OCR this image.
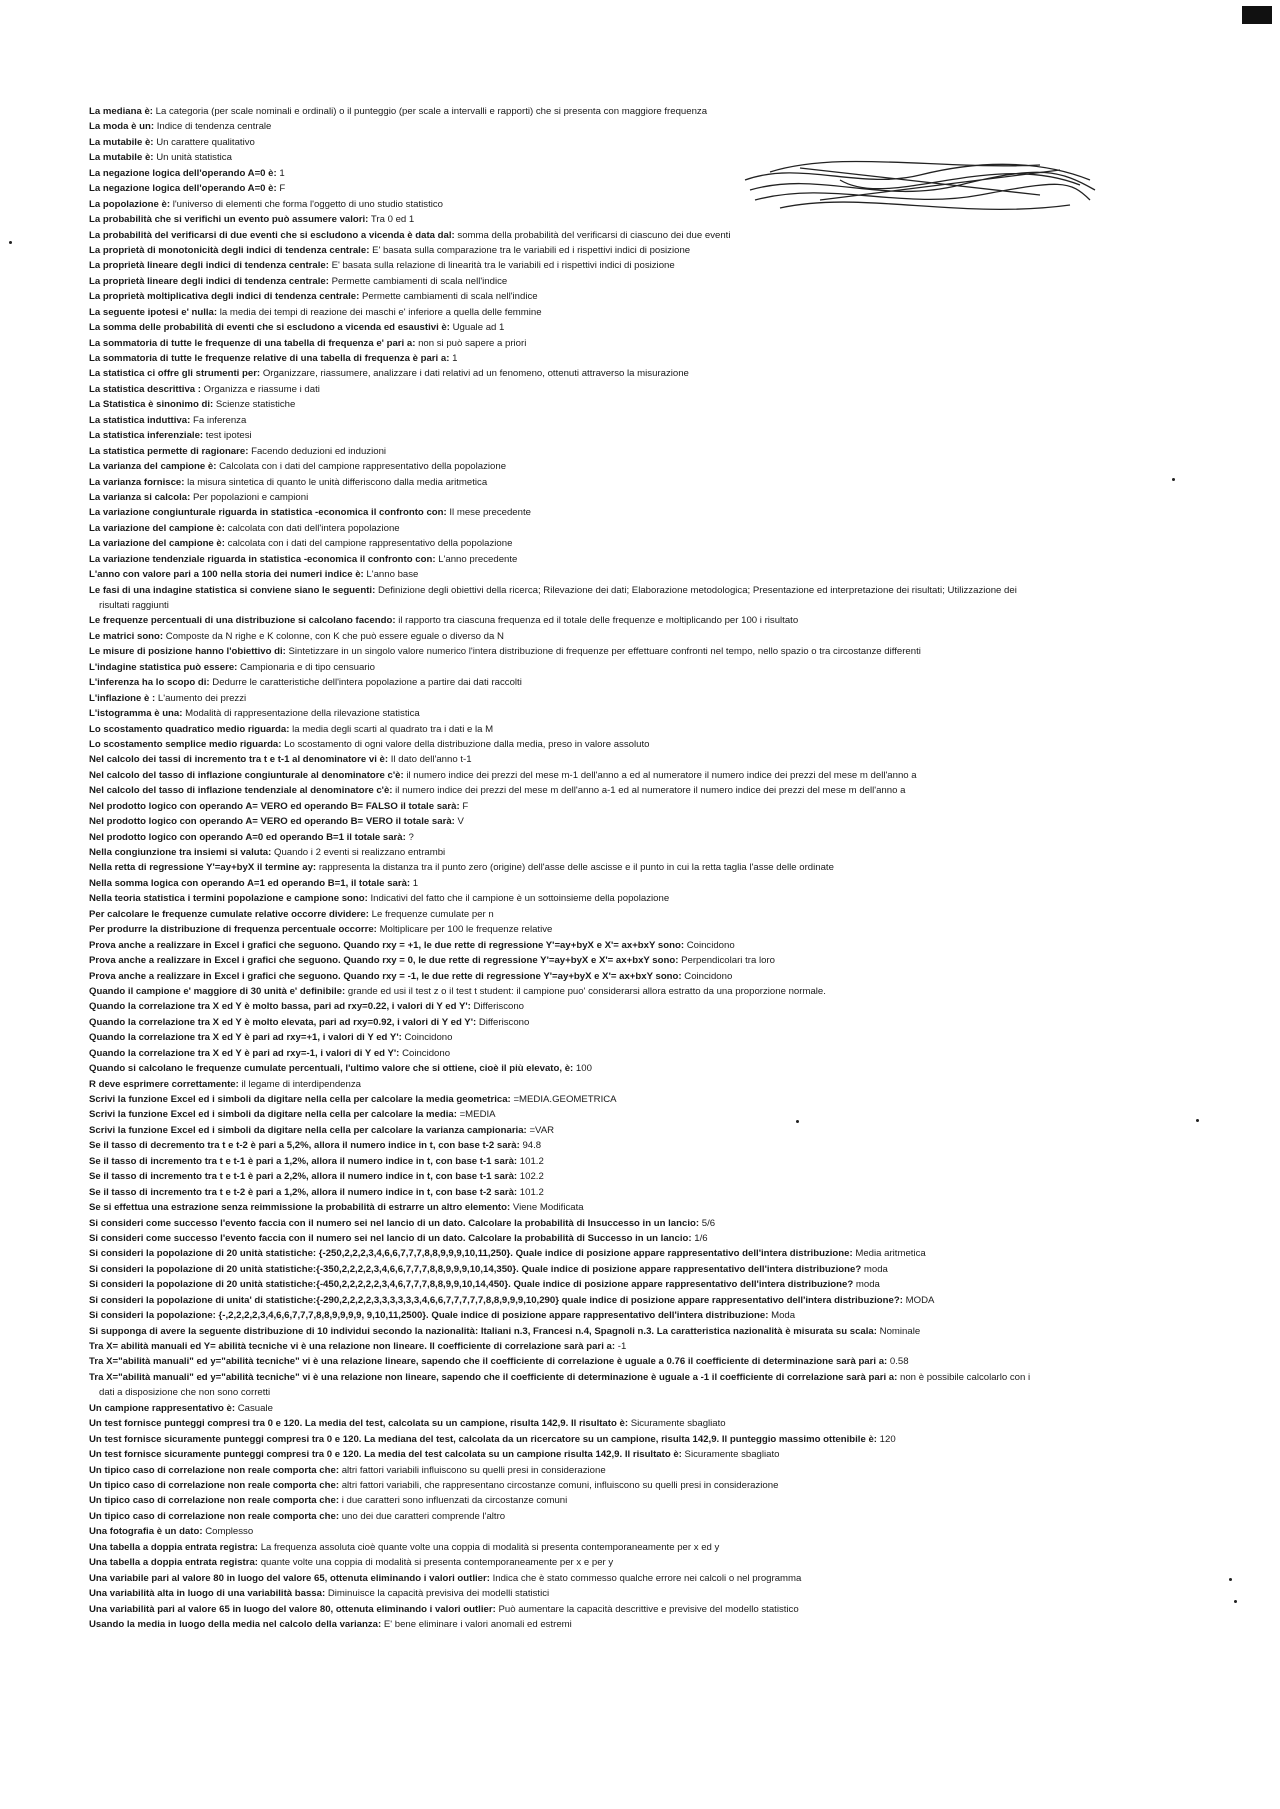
La mediana è: La categoria (per scale nominali e ordinali) o il punteggio (per scale a intervalli e rapporti) che si presenta con maggiore frequenza
La moda è un: Indice di tendenza centrale
La mutabile è: Un carattere qualitativo
La mutabile è: Un unità statistica
La negazione logica dell'operando A=0 è: 1
La negazione logica dell'operando A=0 è: F
La popolazione è: l'universo di elementi che forma l'oggetto di uno studio statistico
La probabilità che si verifichi un evento può assumere valori: Tra 0 ed 1
La probabilità del verificarsi di due eventi che si escludono a vicenda è data dal: somma della probabilità del verificarsi di ciascuno dei due eventi
La proprietà di monotonicità degli indici di tendenza centrale: E' basata sulla comparazione tra le variabili ed i rispettivi indici di posizione
La proprietà lineare degli indici di tendenza centrale: E' basata sulla relazione di linearità tra le variabili ed i rispettivi indici di posizione
La proprietà lineare degli indici di tendenza centrale: Permette cambiamenti di scala nell'indice
La proprietà moltiplicativa degli indici di tendenza centrale: Permette cambiamenti di scala nell'indice
La seguente ipotesi e' nulla: la media dei tempi di reazione dei maschi e' inferiore a quella delle femmine
La somma delle probabilità di eventi che si escludono a vicenda ed esaustivi è: Uguale ad 1
La sommatoria di tutte le frequenze di una tabella di frequenza e' pari a: non si può sapere a priori
La sommatoria di tutte le frequenze relative di una tabella di frequenza è pari a: 1
La statistica ci offre gli strumenti per: Organizzare, riassumere, analizzare i dati relativi ad un fenomeno, ottenuti attraverso la misurazione
La statistica descrittiva : Organizza e riassume i dati
La Statistica è sinonimo di: Scienze statistiche
La statistica induttiva: Fa inferenza
La statistica inferenziale: test ipotesi
La statistica permette di ragionare: Facendo deduzioni ed induzioni
La varianza del campione è: Calcolata con i dati del campione rappresentativo della popolazione
La varianza fornisce: la misura sintetica di quanto le unità differiscono dalla media aritmetica
La varianza si calcola: Per popolazioni e campioni
La variazione congiunturale riguarda in statistica -economica il confronto con: Il mese precedente
La variazione del campione è: calcolata con dati dell'intera popolazione
La variazione del campione è: calcolata con i dati del campione rappresentativo della popolazione
La variazione tendenziale riguarda in statistica -economica il confronto con: L'anno precedente
L'anno con valore pari a 100 nella storia dei numeri indice è: L'anno base
Le fasi di una indagine statistica si conviene siano le seguenti: Definizione degli obiettivi della ricerca; Rilevazione dei dati; Elaborazione metodologica; Presentazione ed interpretazione dei risultati; Utilizzazione dei
risultati raggiunti
Le frequenze percentuali di una distribuzione si calcolano facendo: il rapporto tra ciascuna frequenza ed il totale delle frequenze e moltiplicando per 100 i risultato
Le matrici sono: Composte da N righe e K colonne, con K che può essere eguale o diverso da N
Le misure di posizione hanno l'obiettivo di: Sintetizzare in un singolo valore numerico l'intera distribuzione di frequenze per effettuare confronti nel tempo, nello spazio o tra circostanze differenti
L'indagine statistica può essere: Campionaria e di tipo censuario
L'inferenza ha lo scopo di: Dedurre le caratteristiche dell'intera popolazione a partire dai dati raccolti
L'inflazione è : L'aumento dei prezzi
L'istogramma è una: Modalità di rappresentazione della rilevazione statistica
Lo scostamento quadratico medio riguarda: la media degli scarti al quadrato tra i dati e la M
Lo scostamento semplice medio riguarda: Lo scostamento di ogni valore della distribuzione dalla media, preso in valore assoluto
Nel calcolo dei tassi di incremento tra t e t-1 al denominatore vi è: Il dato dell'anno t-1
Nel calcolo del tasso di inflazione congiunturale al denominatore c'è: il numero indice dei prezzi del mese m-1 dell'anno a ed al numeratore il numero indice dei prezzi del mese m dell'anno a
Nel calcolo del tasso di inflazione tendenziale al denominatore c'è: il numero indice dei prezzi del mese m dell'anno a-1 ed al numeratore il numero indice dei prezzi del mese m dell'anno a
Nel prodotto logico con operando A= VERO ed operando B= FALSO il totale sarà: F
Nel prodotto logico con operando A= VERO ed operando B= VERO il totale sarà: V
Nel prodotto logico con operando A=0 ed operando B=1 il totale sarà: ?
Nella congiunzione tra insiemi si valuta: Quando i 2 eventi si realizzano entrambi
Nella retta di regressione Y'=ay+byX il termine ay: rappresenta la distanza tra il punto zero (origine) dell'asse delle ascisse e il punto in cui la retta taglia l'asse delle ordinate
Nella somma logica con operando A=1 ed operando B=1, il totale sarà: 1
Nella teoria statistica i termini popolazione e campione sono: Indicativi del fatto che il campione è un sottoinsieme della popolazione
Per calcolare le frequenze cumulate relative occorre dividere: Le frequenze cumulate per n
Per produrre la distribuzione di frequenza percentuale occorre: Moltiplicare per 100 le frequenze relative
Prova anche a realizzare in Excel i grafici che seguono. Quando rxy = +1, le due rette di regressione Y'=ay+byX e X'= ax+bxY sono: Coincidono
Prova anche a realizzare in Excel i grafici che seguono. Quando rxy = 0, le due rette di regressione Y'=ay+byX e X'= ax+bxY sono: Perpendicolari tra loro
Prova anche a realizzare in Excel i grafici che seguono. Quando rxy = -1, le due rette di regressione Y'=ay+byX e X'= ax+bxY sono: Coincidono
Quando il campione e' maggiore di 30 unità e' definibile: grande ed usi il test z o il test t student: il campione puo' considerarsi allora estratto da una proporzione normale.
Quando la correlazione tra X ed Y è molto bassa, pari ad rxy=0.22, i valori di Y ed Y': Differiscono
Quando la correlazione tra X ed Y è molto elevata, pari ad rxy=0.92, i valori di Y ed Y': Differiscono
Quando la correlazione tra X ed Y è pari ad rxy=+1, i valori di Y ed Y': Coincidono
Quando la correlazione tra X ed Y è pari ad rxy=-1, i valori di Y ed Y': Coincidono
Quando si calcolano le frequenze cumulate percentuali, l'ultimo valore che si ottiene, cioè il più elevato, è: 100
R deve esprimere correttamente: il legame di interdipendenza
Scrivi la funzione Excel ed i simboli da digitare nella cella per calcolare la media geometrica: =MEDIA.GEOMETRICA
Scrivi la funzione Excel ed i simboli da digitare nella cella per calcolare la media: =MEDIA
Scrivi la funzione Excel ed i simboli da digitare nella cella per calcolare la varianza campionaria: =VAR
Se il tasso di decremento tra t e t-2 è pari a 5,2%, allora il numero indice in t, con base t-2 sarà: 94.8
Se il tasso di incremento tra t e t-1 è pari a 1,2%, allora il numero indice in t, con base t-1 sarà: 101.2
Se il tasso di incremento tra t e t-1 è pari a 2,2%, allora il numero indice in t, con base t-1 sarà: 102.2
Se il tasso di incremento tra t e t-2 è pari a 1,2%, allora il numero indice in t, con base t-2 sarà: 101.2
Se si effettua una estrazione senza reimmissione la probabilità di estrarre un altro elemento: Viene Modificata
Si consideri come successo l'evento faccia con il numero sei nel lancio di un dato. Calcolare la probabilità di Insuccesso in un lancio: 5/6
Si consideri come successo l'evento faccia con il numero sei nel lancio di un dato. Calcolare la probabilità di Successo in un lancio: 1/6
Si consideri la popolazione di 20 unità statistiche: {-250,2,2,2,3,4,6,6,7,7,7,8,8,9,9,9,10,11,250}. Quale indice di posizione appare rappresentativo dell'intera distribuzione: Media aritmetica
Si consideri la popolazione di 20 unità statistiche:{-350,2,2,2,2,3,4,6,6,7,7,7,8,8,9,9,9,10,14,350}. Quale indice di posizione appare rappresentativo dell'intera distribuzione? moda
Si consideri la popolazione di 20 unità statistiche:{-450,2,2,2,2,2,3,4,6,7,7,7,8,8,9,9,10,14,450}. Quale indice di posizione appare rappresentativo dell'intera distribuzione? moda
Si consideri la popolazione di unita' di statistiche:{-290,2,2,2,2,3,3,3,3,3,3,4,6,6,7,7,7,7,7,8,8,9,9,9,10,290} quale indice di posizione appare rappresentativo dell'intera distribuzione?: MODA
Si consideri la popolazione: {-,2,2,2,2,3,4,6,6,7,7,7,8,8,9,9,9,9, 9,10,11,2500}. Quale indice di posizione appare rappresentativo dell'intera distribuzione: Moda
Si supponga di avere la seguente distribuzione di 10 individui secondo la nazionalità: Italiani n.3, Francesi n.4, Spagnoli n.3. La caratteristica nazionalità è misurata su scala: Nominale
Tra X= abilità manuali ed Y= abilità tecniche vi è una relazione non lineare. Il coefficiente di correlazione sarà pari a: -1
Tra X="abilità manuali" ed y="abilità tecniche" vi è una relazione lineare, sapendo che il coefficiente di correlazione è uguale a 0.76 il coefficiente di determinazione sarà pari a: 0.58
Tra X="abilità manuali" ed y="abilità tecniche" vi è una relazione non lineare, sapendo che il coefficiente di determinazione è uguale a -1 il coefficiente di correlazione sarà pari a: non è possibile calcolarlo con i
dati a disposizione che non sono corretti
Un campione rappresentativo è: Casuale
Un test fornisce punteggi compresi tra 0 e 120. La media del test, calcolata su un campione, risulta 142,9. Il risultato è: Sicuramente sbagliato
Un test fornisce sicuramente punteggi compresi tra 0 e 120. La mediana del test, calcolata da un ricercatore su un campione, risulta 142,9. Il punteggio massimo ottenibile è: 120
Un test fornisce sicuramente punteggi compresi tra 0 e 120. La media del test calcolata su un campione risulta 142,9. Il risultato è: Sicuramente sbagliato
Un tipico caso di correlazione non reale comporta che: altri fattori variabili influiscono su quelli presi in considerazione
Un tipico caso di correlazione non reale comporta che: altri fattori variabili, che rappresentano circostanze comuni, influiscono su quelli presi in considerazione
Un tipico caso di correlazione non reale comporta che: i due caratteri sono influenzati da circostanze comuni
Un tipico caso di correlazione non reale comporta che: uno dei due caratteri comprende l'altro
Una fotografia è un dato: Complesso
Una tabella a doppia entrata registra: La frequenza assoluta cioè quante volte una coppia di modalità si presenta contemporaneamente per x ed y
Una tabella a doppia entrata registra: quante volte una coppia di modalità si presenta contemporaneamente per x e per y
Una variabile pari al valore 80 in luogo del valore 65, ottenuta eliminando i valori outlier: Indica che è stato commesso qualche errore nei calcoli o nel programma
Una variabilità alta in luogo di una variabilità bassa: Diminuisce la capacità previsiva dei modelli statistici
Una variabilità pari al valore 65 in luogo del valore 80, ottenuta eliminando i valori outlier: Può aumentare la capacità descrittive e previsive del modello statistico
Usando la media in luogo della media nel calcolo della varianza: E' bene eliminare i valori anomali ed estremi
